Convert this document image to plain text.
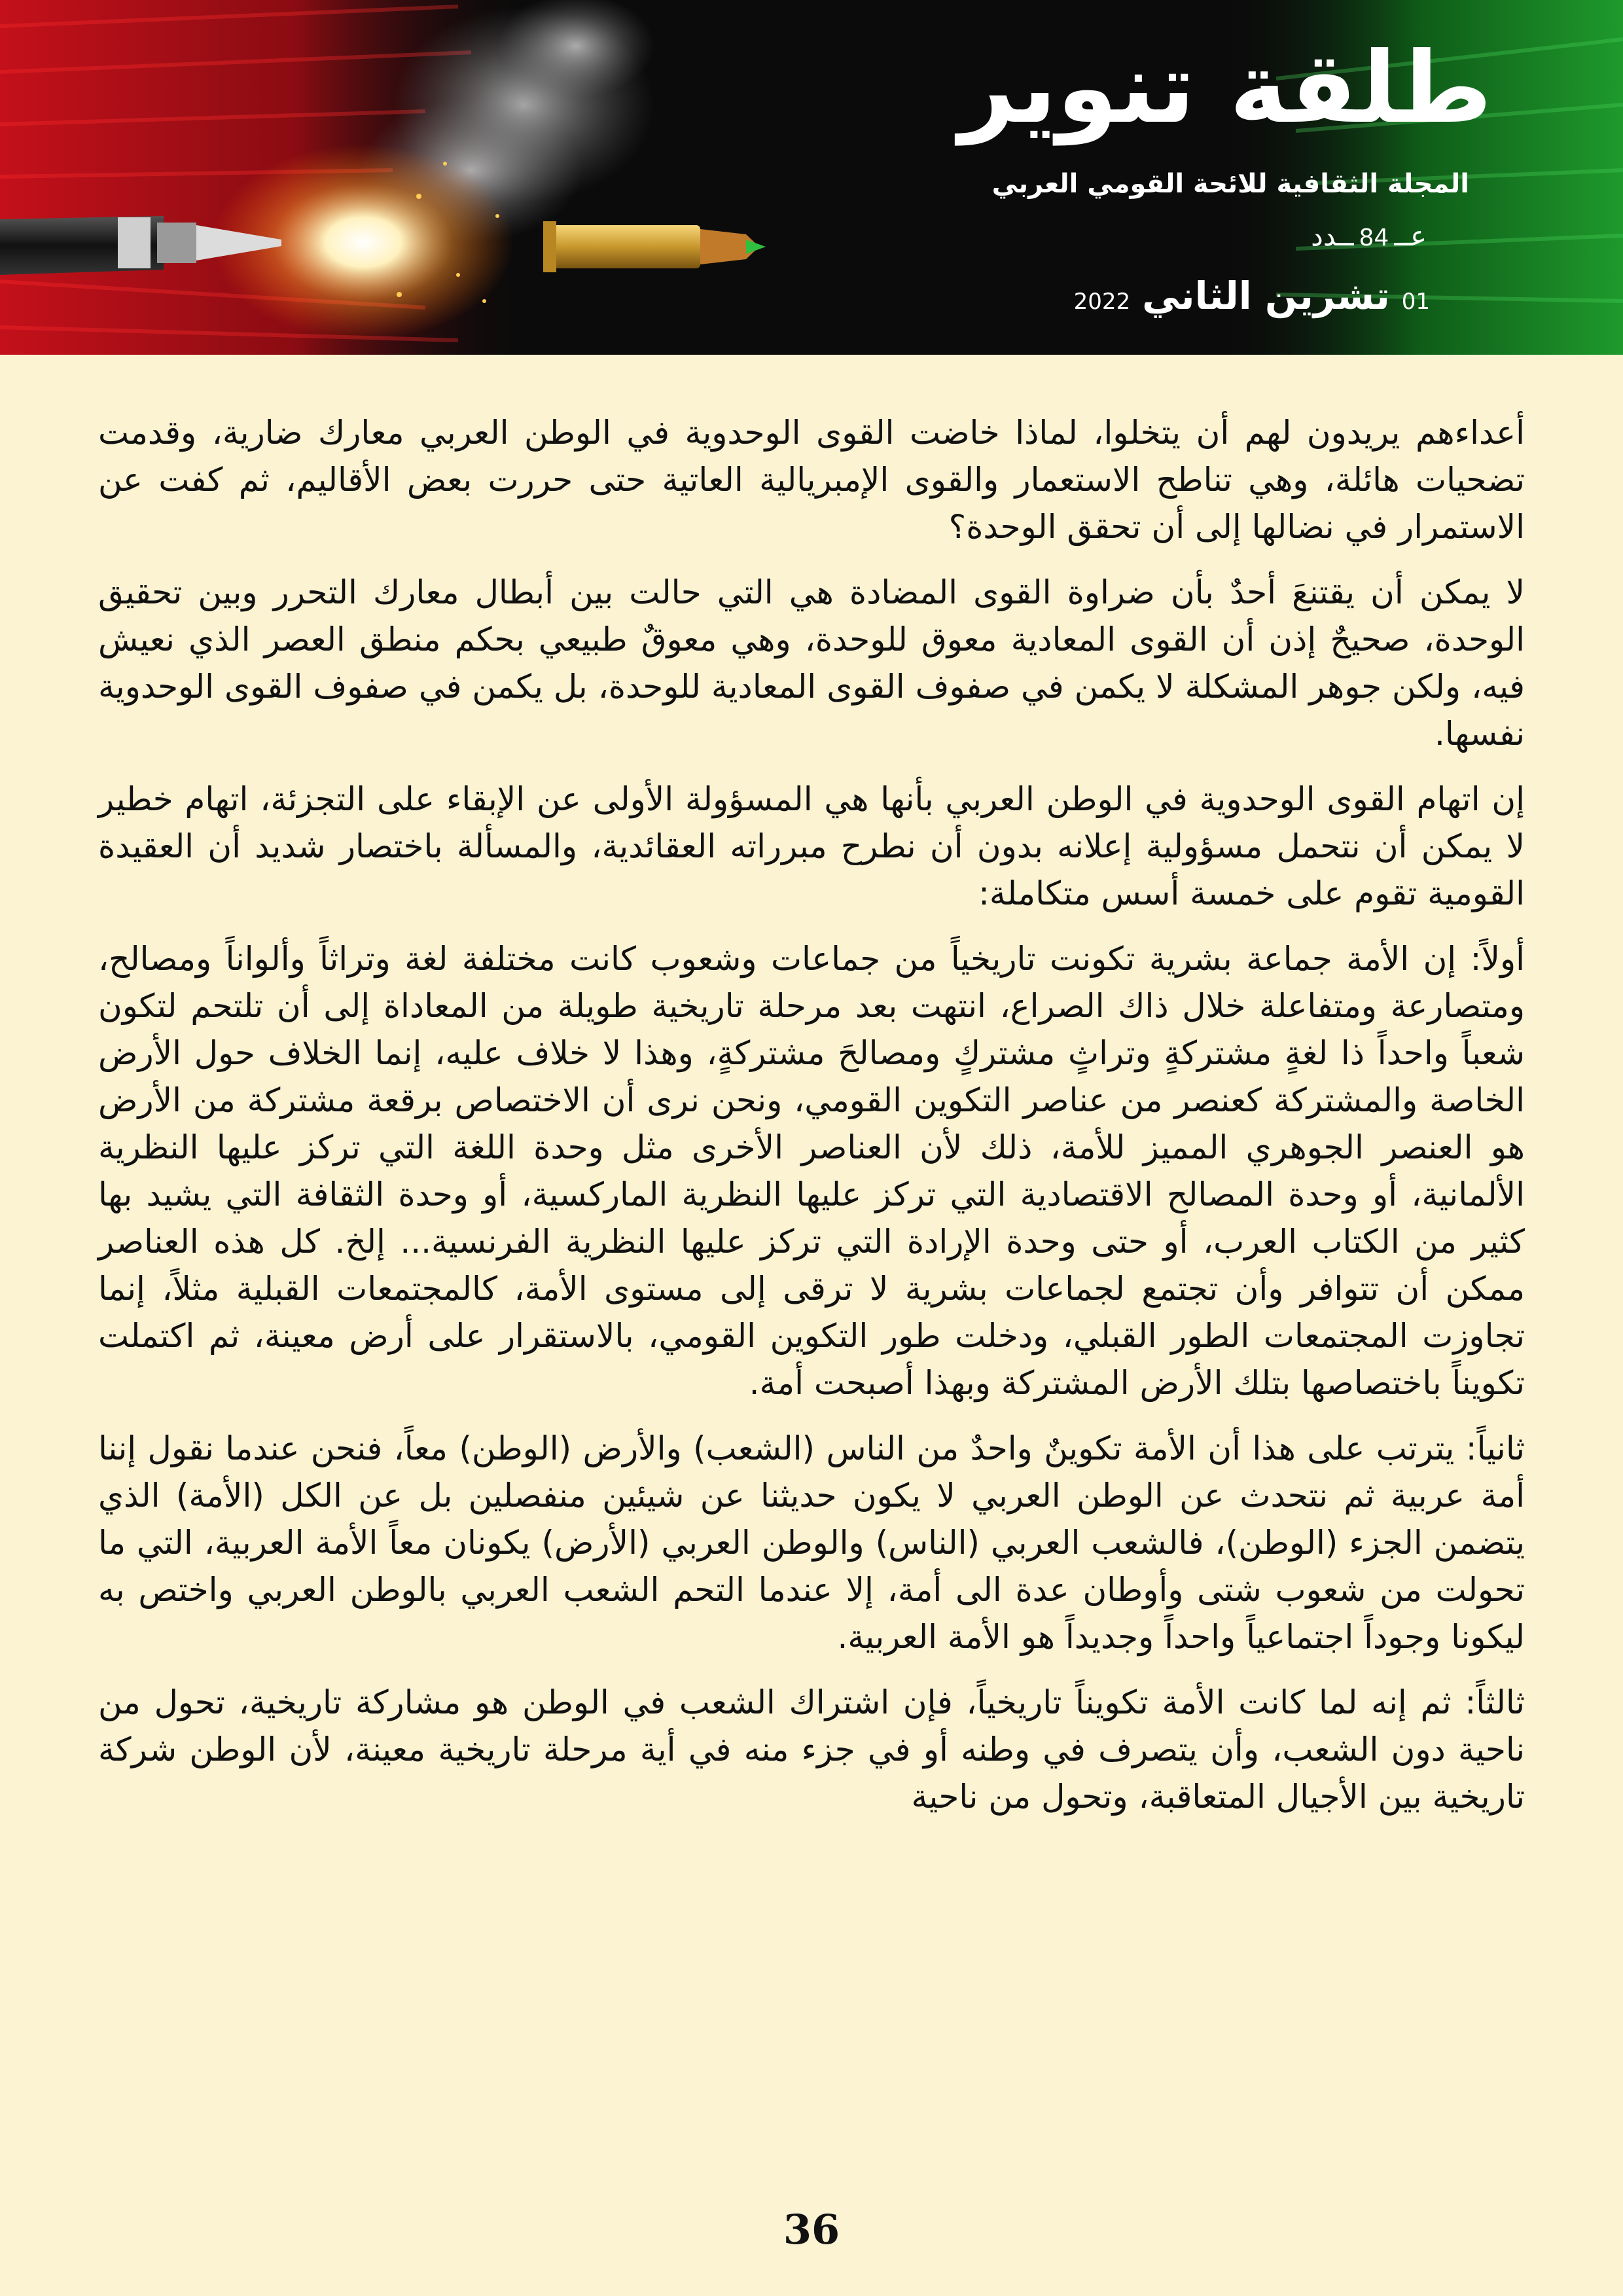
طلقة تنوير
المجلة الثقافية للائحة القومي العربي
عــ84ــدد
01تشرين الثاني2022

أعداءهم يريدون لهم أن يتخلوا، لماذا خاضت القوى الوحدوية في الوطن العربي معارك ضارية، وقدمت تضحيات هائلة، وهي تناطح الاستعمار والقوى الإمبريالية العاتية حتى حررت بعض الأقاليم، ثم كفت عن الاستمرار في نضالها إلى أن تحقق الوحدة؟

لا يمكن أن يقتنعَ أحدٌ بأن ضراوة القوى المضادة هي التي حالت بين أبطال معارك التحرر وبين تحقيق الوحدة، صحيحٌ إذن أن القوى المعادية معوق للوحدة، وهي معوقٌ طبيعي بحكم منطق العصر الذي نعيش فيه، ولكن جوهر المشكلة لا يكمن في صفوف القوى المعادية للوحدة، بل يكمن في صفوف القوى الوحدوية نفسها.

إن اتهام القوى الوحدوية في الوطن العربي بأنها هي المسؤولة الأولى عن الإبقاء على التجزئة، اتهام خطير لا يمكن أن نتحمل مسؤولية إعلانه بدون أن نطرح مبرراته العقائدية، والمسألة باختصار شديد أن العقيدة القومية تقوم على خمسة أسس متكاملة:

أولاً: إن الأمة جماعة بشرية تكونت تاريخياً من جماعات وشعوب كانت مختلفة لغة وتراثاً وألواناً ومصالح، ومتصارعة ومتفاعلة خلال ذاك الصراع، انتهت بعد مرحلة تاريخية طويلة من المعاداة إلى أن تلتحم لتكون شعباً واحداً ذا لغةٍ مشتركةٍ وتراثٍ مشتركٍ ومصالحَ مشتركةٍ، وهذا لا خلاف عليه، إنما الخلاف حول الأرض الخاصة والمشتركة كعنصر من عناصر التكوين القومي، ونحن نرى أن الاختصاص برقعة مشتركة من الأرض هو العنصر الجوهري المميز للأمة، ذلك لأن العناصر الأخرى مثل وحدة اللغة التي تركز عليها النظرية الألمانية، أو وحدة المصالح الاقتصادية التي تركز عليها النظرية الماركسية، أو وحدة الثقافة التي يشيد بها كثير من الكتاب العرب، أو حتى وحدة الإرادة التي تركز عليها النظرية الفرنسية... إلخ. كل هذه العناصر ممكن أن تتوافر وأن تجتمع لجماعات بشرية لا ترقى إلى مستوى الأمة، كالمجتمعات القبلية مثلاً، إنما تجاوزت المجتمعات الطور القبلي، ودخلت طور التكوين القومي، بالاستقرار على أرض معينة، ثم اكتملت تكويناً باختصاصها بتلك الأرض المشتركة وبهذا أصبحت أمة.

ثانياً: يترتب على هذا أن الأمة تكوينٌ واحدٌ من الناس (الشعب) والأرض (الوطن) معاً، فنحن عندما نقول إننا أمة عربية ثم نتحدث عن الوطن العربي لا يكون حديثنا عن شيئين منفصلين بل عن الكل (الأمة) الذي يتضمن الجزء (الوطن)، فالشعب العربي (الناس) والوطن العربي (الأرض) يكونان معاً الأمة العربية، التي ما تحولت من شعوب شتى وأوطان عدة الى أمة، إلا عندما التحم الشعب العربي بالوطن العربي واختص به ليكونا وجوداً اجتماعياً واحداً وجديداً هو الأمة العربية.

ثالثاً: ثم إنه لما كانت الأمة تكويناً تاريخياً، فإن اشتراك الشعب في الوطن هو مشاركة تاريخية، تحول من ناحية دون الشعب، وأن يتصرف في وطنه أو في جزء منه في أية مرحلة تاريخية معينة، لأن الوطن شركة تاريخية بين الأجيال المتعاقبة، وتحول من ناحية

36
